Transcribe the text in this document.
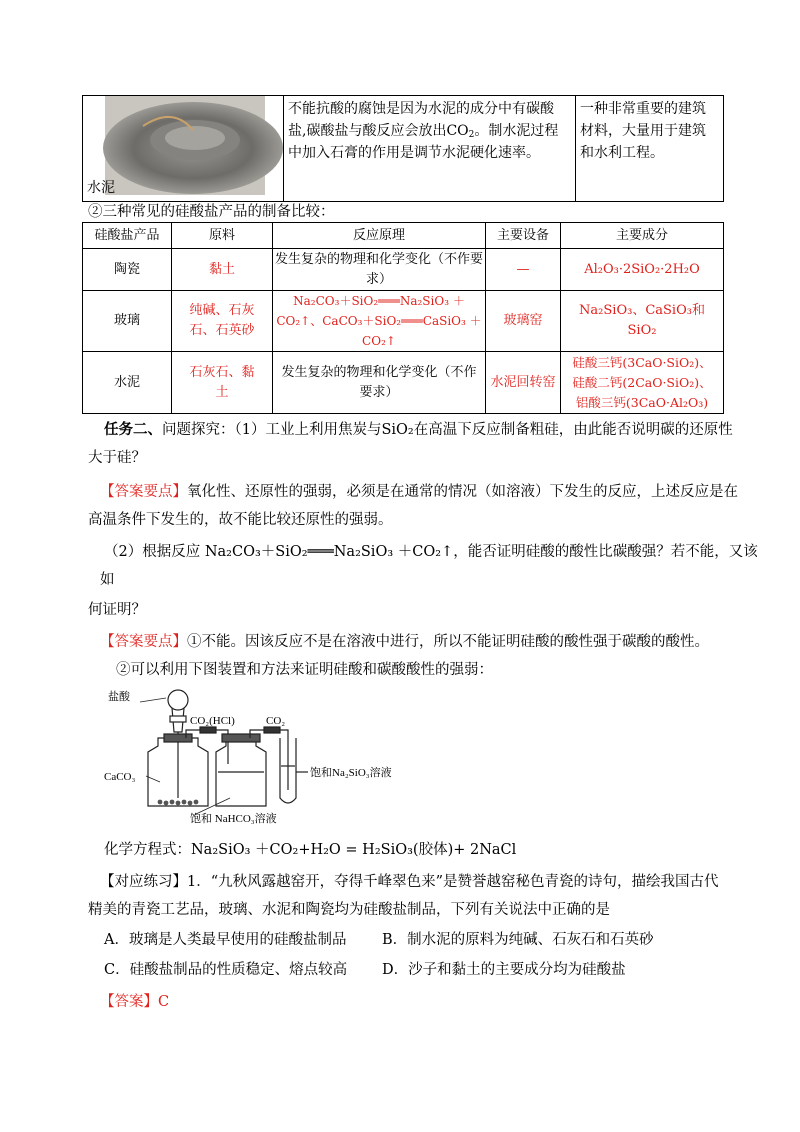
水泥
	不能抗酸的腐蚀是因为水泥的成分中有碳酸盐,碳酸盐与酸反应会放出$CO_2$。制水泥过程中加入石膏的作用是调节水泥硬化速率。	一种非常重要的建筑材料，大量用于建筑和水利工程。
②三种常见的硅酸盐产品的制备比较：
硅酸盐产品	原料	反应原理	主要设备	主要成分
陶瓷	黏土	发生复杂的物理和化学变化（不作要求）	—	Al₂O₃·2SiO₂·2H₂O
玻璃	纯碱、石灰石、石英砂	Na₂CO₃＋SiO₂═══Na₂SiO₃ ＋CO₂↑、CaCO₃＋SiO₂═══CaSiO₃ ＋CO₂↑	玻璃窑	Na₂SiO₃、CaSiO₃和SiO₂
水泥	石灰石、黏土	发生复杂的物理和化学变化（不作要求）	水泥回转窑	硅酸三钙(3CaO·SiO₂)、硅酸二钙(2CaO·SiO₂)、铝酸三钙(3CaO·Al₂O₃)
任务二、问题探究：（1）工业上利用焦炭与SiO₂在高温下反应制备粗硅，由此能否说明碳的还原性
大于硅？
【答案要点】氧化性、还原性的强弱，必须是在通常的情况（如溶液）下发生的反应，上述反应是在
高温条件下发生的，故不能比较还原性的强弱。
（2）根据反应 Na₂CO₃＋SiO₂═══Na₂SiO₃ ＋CO₂↑，能否证明硅酸的酸性比碳酸强？若不能，又该
如
何证明？
【答案要点】①不能。因该反应不是在溶液中进行，所以不能证明硅酸的酸性强于碳酸的酸性。
②可以利用下图装置和方法来证明硅酸和碳酸酸性的强弱：
盐酸
CO₂(HCl)	CO₂
CaCO₃	饱和Na₂SiO₃溶液
饱和 NaHCO₃溶液
化学方程式：Na₂SiO₃ ＋CO₂+H₂O = H₂SiO₃(胶体)+ 2NaCl
【对应练习】1．“九秋风露越窑开，夺得千峰翠色来”是赞誉越窑秘色青瓷的诗句，描绘我国古代
精美的青瓷工艺品，玻璃、水泥和陶瓷均为硅酸盐制品，下列有关说法中正确的是
A．玻璃是人类最早使用的硅酸盐制品 B．制水泥的原料为纯碱、石灰石和石英砂
C．硅酸盐制品的性质稳定、熔点较高 D．沙子和黏土的主要成分均为硅酸盐
【答案】C
